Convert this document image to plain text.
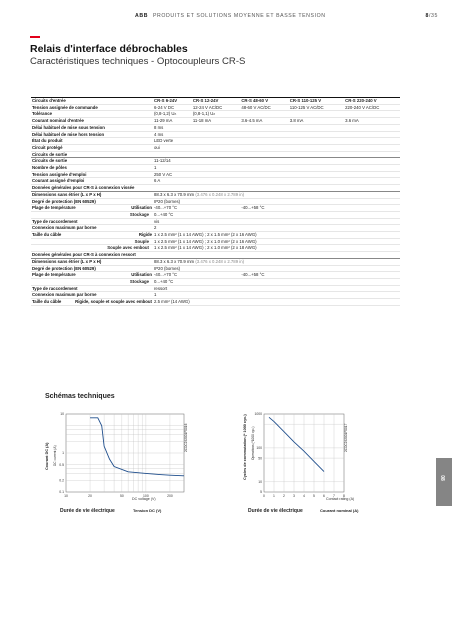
ABB PRODUITS ET SOLUTIONS MOYENNE ET BASSE TENSION	8/35
Relais d'interface débrochables
Caractéristiques techniques - Optocoupleurs CR-S
Circuits d'entrée	CR-S 6-24V	CR-S 12-24V	CR-S 48-60 V	CR-S 110-125 V	CR-S 220-240 V
Tension assignée de commande	6-24 V DC	12-24 V AC/DC	48-60 V AC/DC	110-125 V AC/DC	220-240 V AC/DC
Tolérance	(0,8-1,2) Uₙ	(0,8-1,1) Uₙ			
Courant nominal d'entrée	11-29 mA	11-18 mA	3.6-4.5 mA	3.8 mA	3.6 mA
Délai habituel de mise sous tension	8 ms				
Délai habituel de mise hors tension	4 ms				
État du produit	LED verte				
Circuit protégé	oui				
Circuits de sortie					
Circuits de sortie	11-12/14				
Nombre de pôles	1				
Tension assignée d'emploi	250 V AC				
Courant assigné d'emploi	6 A				
Données générales pour CR-S à connexion vissée					
Dimensions sans étrier (L x P x H)	88.3 x 6.3 x 70.9 mm (3.476 x 0.248 x 2.789 in)				
Degré de protection (EN 60529)	IP20 (bornes)				
Plage de température Utilisation	-40...+70 °C		-40...+58 °C		
Stockage	0...+40 °C				
Type de raccordement	vis				
Connexion maximum par borne	2				
Taille du câble Rigide	1 x 2.5 mm² (1 x 14 AWG) ; 2 x 1.5 mm² (2 x 16 AWG)				
Souple	1 x 2.5 mm² (1 x 14 AWG) ; 2 x 1.0 mm² (2 x 16 AWG)				
Souple avec embout	1 x 2.5 mm² (1 x 14 AWG) ; 2 x 1.0 mm² (2 x 18 AWG)				
Données générales pour CR-S à connexion ressort					
Dimensions sans étrier (L x P x H)	88.3 x 6.3 x 70.9 mm (3.476 x 0.248 x 2.789 in)				
Degré de protection (EN 60529)	IP20 (bornes)				
Plage de température Utilisation	-40...+70 °C		-40...+58 °C		
Stockage	0...+40 °C				
Type de raccordement	ressort				
Connexion maximum par borne	1				
Taille du câble Rigide, souple et souple avec embout	2.5 mm² (14 AWG)				
Schémas techniques
Courant DC (A) DC current (A)
2CDC292001F0016
10
1
0.5
0.2
0.1
10	20	50	100	200
DC voltage (V)
Durée de vie électrique	Tension DC (V)
Cycles de commutation (* 1000 cyc.) Operations (*1000 cyc.)	2CDC292001F0017
1000
100
50
10
5
0 1 2 3 4 5 6 7 8
Contact rating (A)
Durée de vie électrique	Courant nominal (A)
08
